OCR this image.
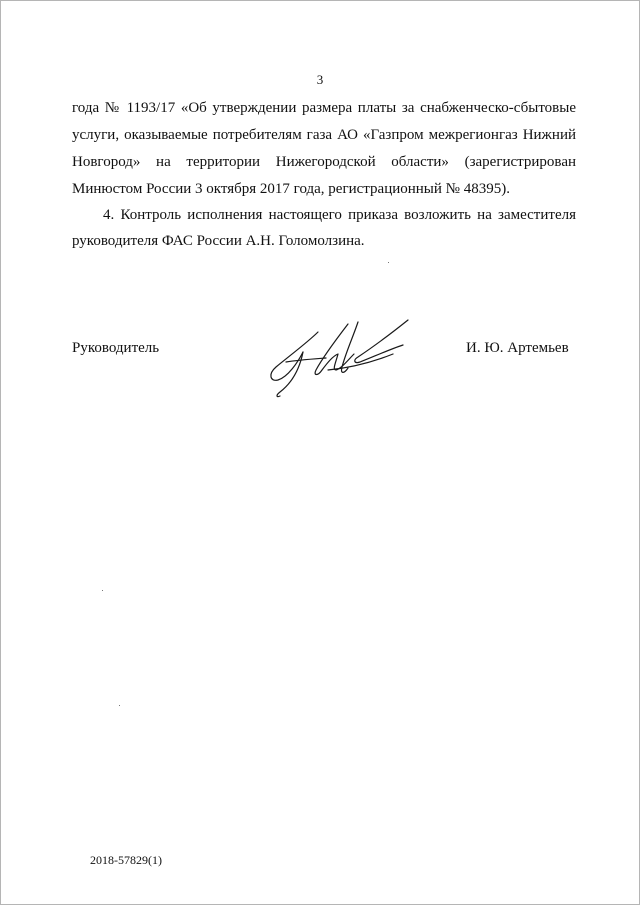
3
года № 1193/17 «Об утверждении размера платы за снабженческо-сбытовые
услуги, оказываемые потребителям газа АО «Газпром межрегионгаз Нижний
Новгород» на территории Нижегородской области» (зарегистрирован
Минюстом России 3 октября 2017 года, регистрационный № 48395).
4. Контроль исполнения настоящего приказа возложить на заместителя
руководителя ФАС России А.Н. Голомолзина.
Руководитель	И. Ю. Артемьев
2018-57829(1)
